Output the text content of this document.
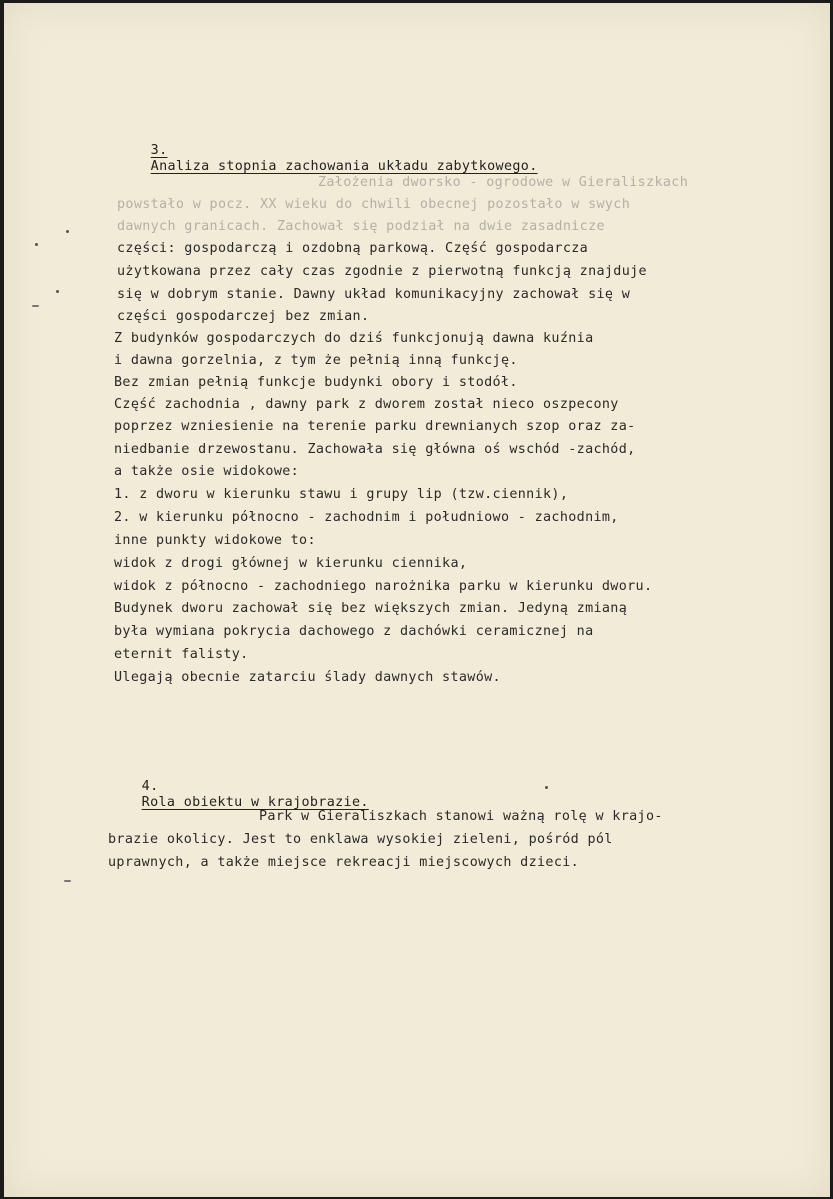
3.
Analiza stopnia zachowania układu zabytkowego.

Założenia dworsko - ogrodowe w Gieraliszkach
powstało w pocz. XX wieku do chwili obecnej pozostało w swych
dawnych granicach. Zachował się podział na dwie zasadnicze
części: gospodarczą i ozdobną parkową. Część gospodarcza
użytkowana przez cały czas zgodnie z pierwotną funkcją znajduje
się w dobrym stanie. Dawny układ komunikacyjny zachował się w
części gospodarczej bez zmian.
Z budynków gospodarczych do dziś funkcjonują dawna kuźnia
i dawna gorzelnia, z tym że pełnią inną funkcję.
Bez zmian pełnią funkcje budynki obory i stodół.
Część zachodnia , dawny park z dworem został nieco oszpecony
poprzez wzniesienie na terenie parku drewnianych szop oraz za-
niedbanie drzewostanu. Zachowała się główna oś wschód -zachód,
a także osie widokowe:
1. z dworu w kierunku stawu i grupy lip (tzw.ciennik),
2. w kierunku północno - zachodnim i południowo - zachodnim,
inne punkty widokowe to:
widok z drogi głównej w kierunku ciennika,
widok z północno - zachodniego narożnika parku w kierunku dworu.
Budynek dworu zachował się bez większych zmian. Jedyną zmianą
była wymiana pokrycia dachowego z dachówki ceramicznej na
eternit falisty.
Ulegają obecnie zatarciu ślady dawnych stawów.

4.
Rola obiektu w krajobrazie.

Park w Gieraliszkach stanowi ważną rolę w krajo-
brazie okolicy. Jest to enklawa wysokiej zieleni, pośród pól
uprawnych, a także miejsce rekreacji miejscowych dzieci.
